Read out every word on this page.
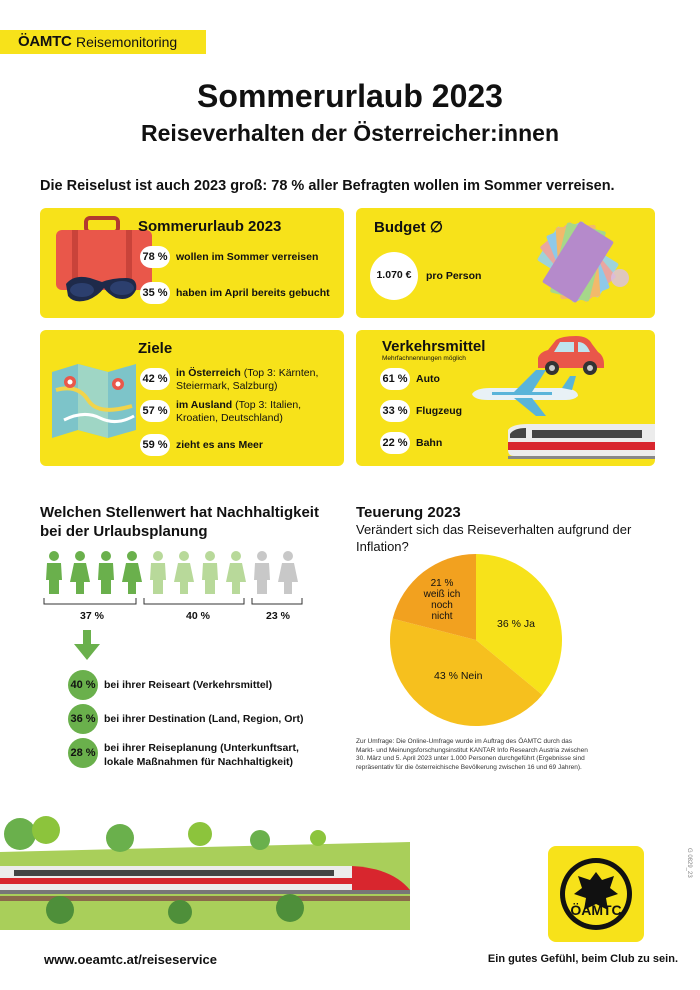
ÖAMTC Reisemonitoring
Sommerurlaub 2023
Reiseverhalten der Österreicher:innen
Die Reiselust ist auch 2023 groß: 78 % aller Befragten wollen im Sommer verreisen.
Sommerurlaub 2023
78 % wollen im Sommer verreisen
35 % haben im April bereits gebucht
Budget ∅
1.070 €	pro Person
Ziele
42 % in Österreich (Top 3: Kärnten,
Steiermark, Salzburg)
57 % im Ausland (Top 3: Italien,
Kroatien, Deutschland)
59 % zieht es ans Meer
Verkehrsmittel
Mehrfachnennungen möglich
61 % Auto
33 % Flugzeug
22 % Bahn
Welchen Stellenwert hat Nachhaltigkeit
bei der Urlaubsplanung
37 %	40 %	23 %
40 % bei ihrer Reiseart (Verkehrsmittel)
36 % bei ihrer Destination (Land, Region, Ort)
28 % bei ihrer Reiseplanung (Unterkunftsart,
lokale Maßnahmen für Nachhaltigkeit)
Teuerung 2023
Verändert sich das Reiseverhalten aufgrund der
Inflation?
36 % Ja
43 % Nein
21 %
weiß ich
noch nicht
Zur Umfrage: Die Online-Umfrage wurde im Auftrag des ÖAMTC durch das
Markt- und Meinungsforschungsinstitut KANTAR Info Research Austria zwischen
30. März und 5. April 2023 unter 1.000 Personen durchgeführt (Ergebnisse sind
repräsentativ für die österreichische Bevölkerung zwischen 16 und 69 Jahren).
ÖAMTC
G 0829_23
www.oeamtc.at/reiseservice	Ein gutes Gefühl, beim Club zu sein.
